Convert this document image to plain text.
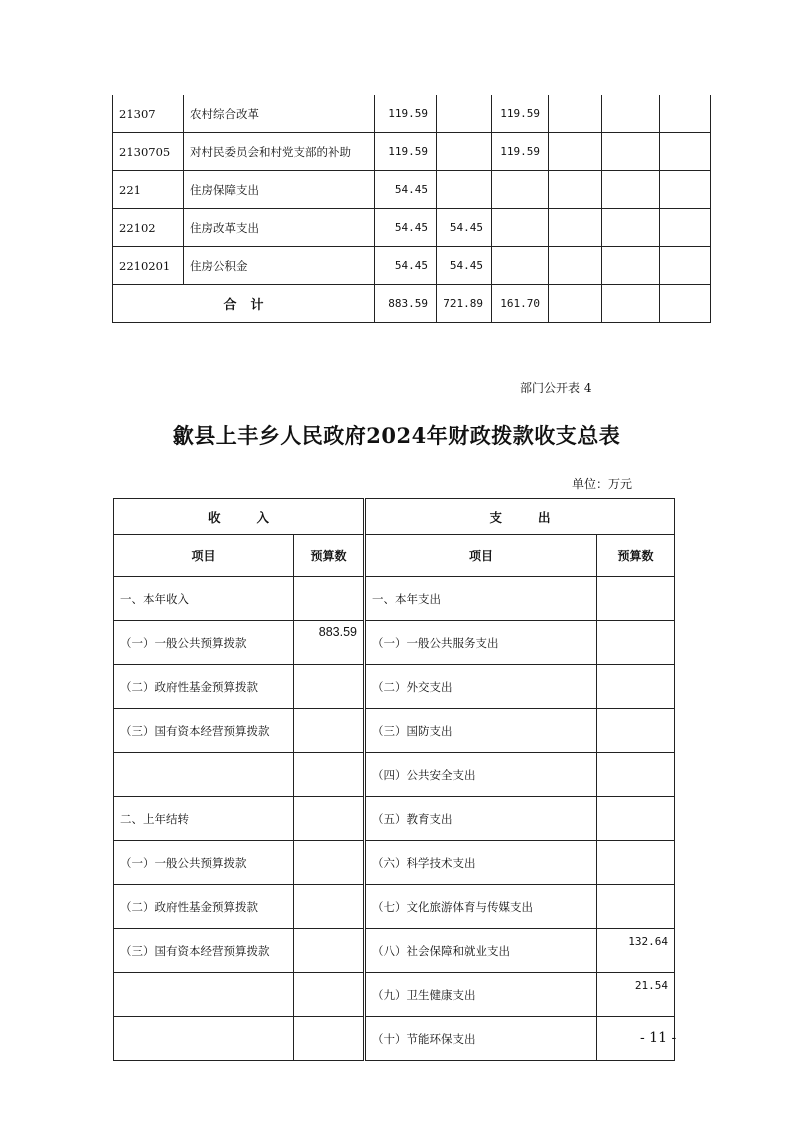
21307	农村综合改革	119.59		119.59			
2130705	对村民委员会和村党支部的补助	119.59		119.59			
221	住房保障支出	54.45					
22102	住房改革支出	54.45	54.45				
2210201	住房公积金	54.45	54.45				
合计		883.59	721.89	161.70			
部门公开表 4
歙县上丰乡人民政府2024年财政拨款收支总表
单位：万元
收入		支出	
项目	预算数	项目	预算数
一、本年收入		一、本年支出	
（一）一般公共预算拨款	883.59	（一）一般公共服务支出	
（二）政府性基金预算拨款		（二）外交支出	
（三）国有资本经营预算拨款		（三）国防支出	
		（四）公共安全支出	
二、上年结转		（五）教育支出	
（一）一般公共预算拨款		（六）科学技术支出	
（二）政府性基金预算拨款		（七）文化旅游体育与传媒支出	
（三）国有资本经营预算拨款		（八）社会保障和就业支出	132.64
		（九）卫生健康支出	21.54
		（十）节能环保支出		- 11 -
